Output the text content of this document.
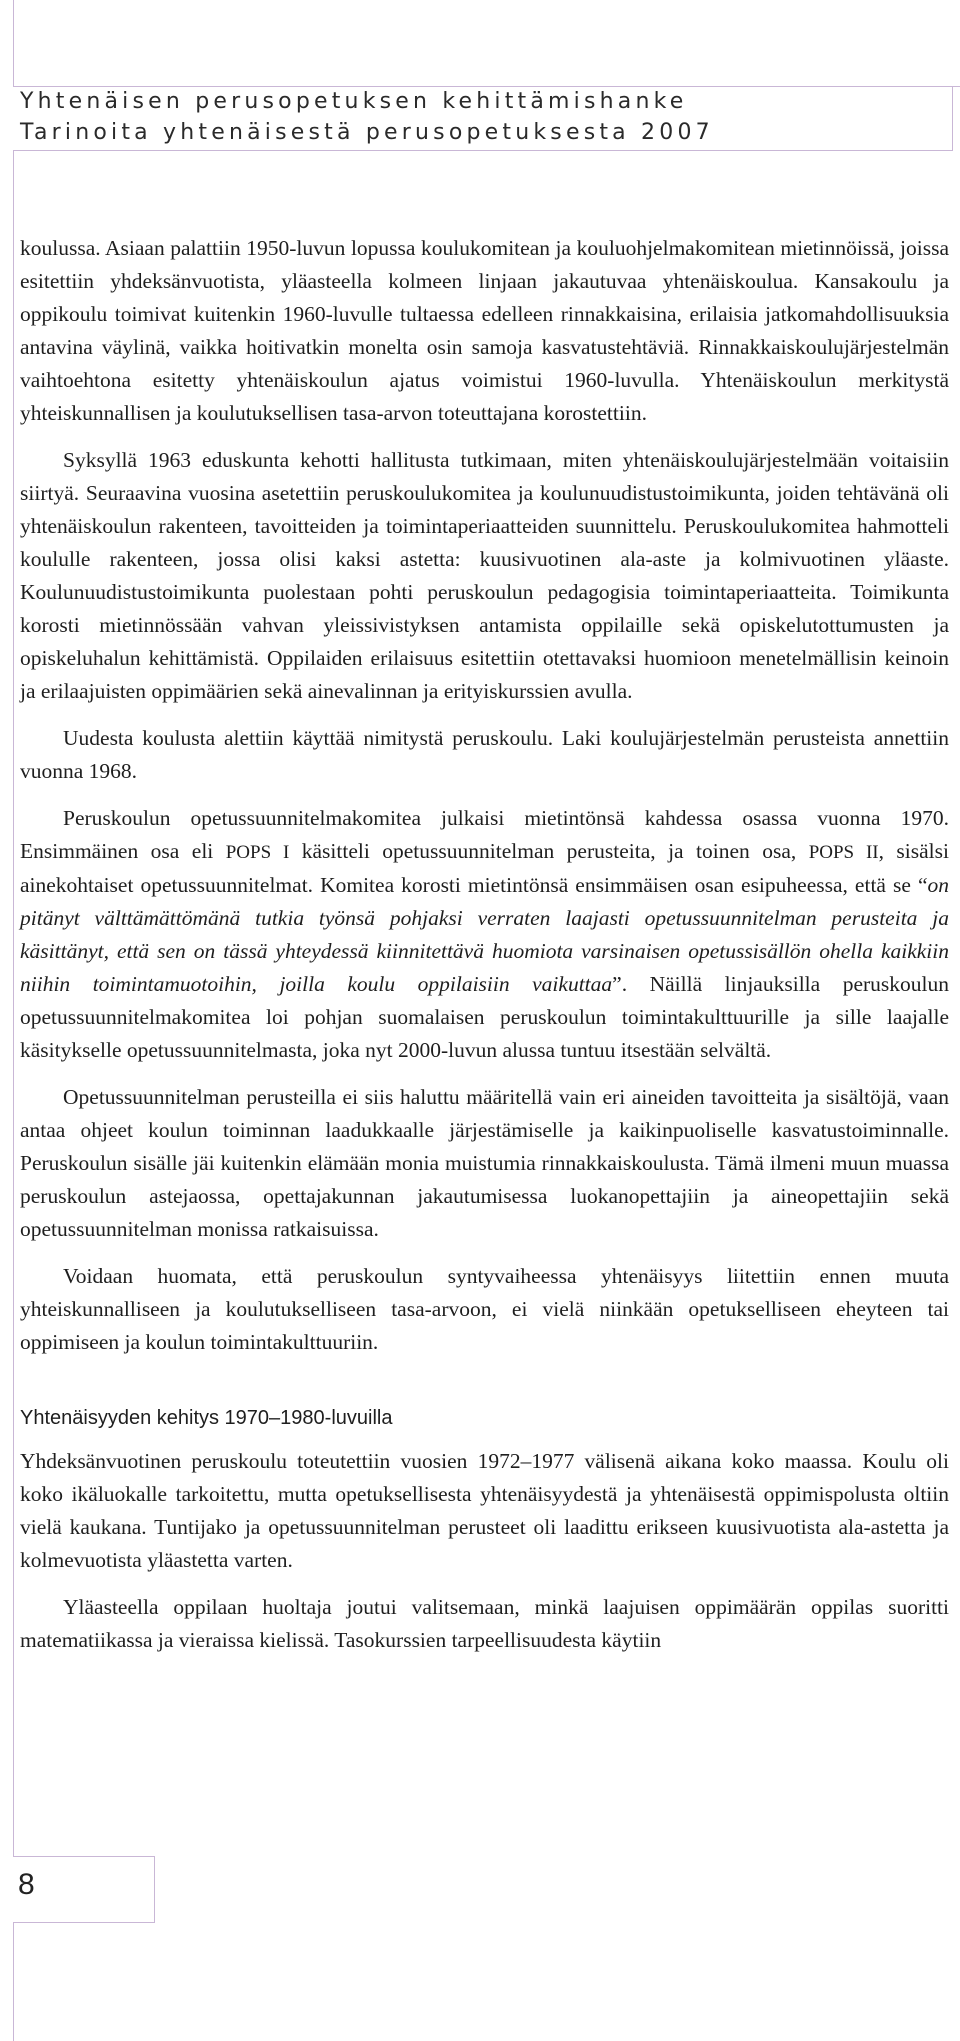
Yhtenäisen perusopetuksen kehittämishanke
Tarinoita yhtenäisestä perusopetuksesta 2007

koulussa. Asiaan palattiin 1950-luvun lopussa koulukomitean ja kouluohjelmakomitean mietinnöissä, joissa esitettiin yhdeksänvuotista, yläasteella kolmeen linjaan jakautuvaa yhtenäiskoulua. Kansakoulu ja oppikoulu toimivat kuitenkin 1960-luvulle tultaessa edelleen rinnakkaisina, erilaisia jatkomahdollisuuksia antavina väylinä, vaikka hoitivatkin monelta osin samoja kasvatustehtäviä. Rinnakkaiskoulujärjestelmän vaihtoehtona esitetty yhtenäiskoulun ajatus voimistui 1960-luvulla. Yhtenäiskoulun merkitystä yhteiskunnallisen ja koulutuksellisen tasa-arvon toteuttajana korostettiin.

Syksyllä 1963 eduskunta kehotti hallitusta tutkimaan, miten yhtenäiskoulujärjestelmään voitaisiin siirtyä. Seuraavina vuosina asetettiin peruskoulukomitea ja koulunuudistustoimikunta, joiden tehtävänä oli yhtenäiskoulun rakenteen, tavoitteiden ja toimintaperiaatteiden suunnittelu. Peruskoulukomitea hahmotteli koululle rakenteen, jossa olisi kaksi astetta: kuusivuotinen ala-aste ja kolmivuotinen yläaste. Koulunuudistustoimikunta puolestaan pohti peruskoulun pedagogisia toimintaperiaatteita. Toimikunta korosti mietinnössään vahvan yleissivistyksen antamista oppilaille sekä opiskelutottumusten ja opiskeluhalun kehittämistä. Oppilaiden erilaisuus esitettiin otettavaksi huomioon menetelmällisin keinoin ja erilaajuisten oppimäärien sekä ainevalinnan ja erityiskurssien avulla.

Uudesta koulusta alettiin käyttää nimitystä peruskoulu. Laki koulujärjestelmän perusteista annettiin vuonna 1968.

Peruskoulun opetussuunnitelmakomitea julkaisi mietintönsä kahdessa osassa vuonna 1970. Ensimmäinen osa eli POPS I käsitteli opetussuunnitelman perusteita, ja toinen osa, POPS II, sisälsi ainekohtaiset opetussuunnitelmat. Komitea korosti mietintönsä ensimmäisen osan esipuheessa, että se “on pitänyt välttämättömänä tutkia työnsä pohjaksi verraten laajasti opetussuunnitelman perusteita ja käsittänyt, että sen on tässä yhteydessä kiinnitettävä huomiota varsinaisen opetussisällön ohella kaikkiin niihin toimintamuotoihin, joilla koulu oppilaisiin vaikuttaa”. Näillä linjauksilla peruskoulun opetussuunnitelmakomitea loi pohjan suomalaisen peruskoulun toimintakulttuurille ja sille laajalle käsitykselle opetussuunnitelmasta, joka nyt 2000-luvun alussa tuntuu itsestään selvältä.

Opetussuunnitelman perusteilla ei siis haluttu määritellä vain eri aineiden tavoitteita ja sisältöjä, vaan antaa ohjeet koulun toiminnan laadukkaalle järjestämiselle ja kaikinpuoliselle kasvatustoiminnalle. Peruskoulun sisälle jäi kuitenkin elämään monia muistumia rinnakkaiskoulusta. Tämä ilmeni muun muassa peruskoulun astejaossa, opettajakunnan jakautumisessa luokanopettajiin ja aineopettajiin sekä opetussuunnitelman monissa ratkaisuissa.

Voidaan huomata, että peruskoulun syntyvaiheessa yhtenäisyys liitettiin ennen muuta yhteiskunnalliseen ja koulutukselliseen tasa-arvoon, ei vielä niinkään opetukselliseen eheyteen tai oppimiseen ja koulun toimintakulttuuriin.

Yhtenäisyyden kehitys 1970–1980-luvuilla

Yhdeksänvuotinen peruskoulu toteutettiin vuosien 1972–1977 välisenä aikana koko maassa. Koulu oli koko ikäluokalle tarkoitettu, mutta opetuksellisesta yhtenäisyydestä ja yhtenäisestä oppimispolusta oltiin vielä kaukana. Tuntijako ja opetussuunnitelman perusteet oli laadittu erikseen kuusivuotista ala-astetta ja kolmevuotista yläastetta varten.

Yläasteella oppilaan huoltaja joutui valitsemaan, minkä laajuisen oppimäärän oppilas suoritti matematiikassa ja vieraissa kielissä. Tasokurssien tarpeellisuudesta käytiin

8
